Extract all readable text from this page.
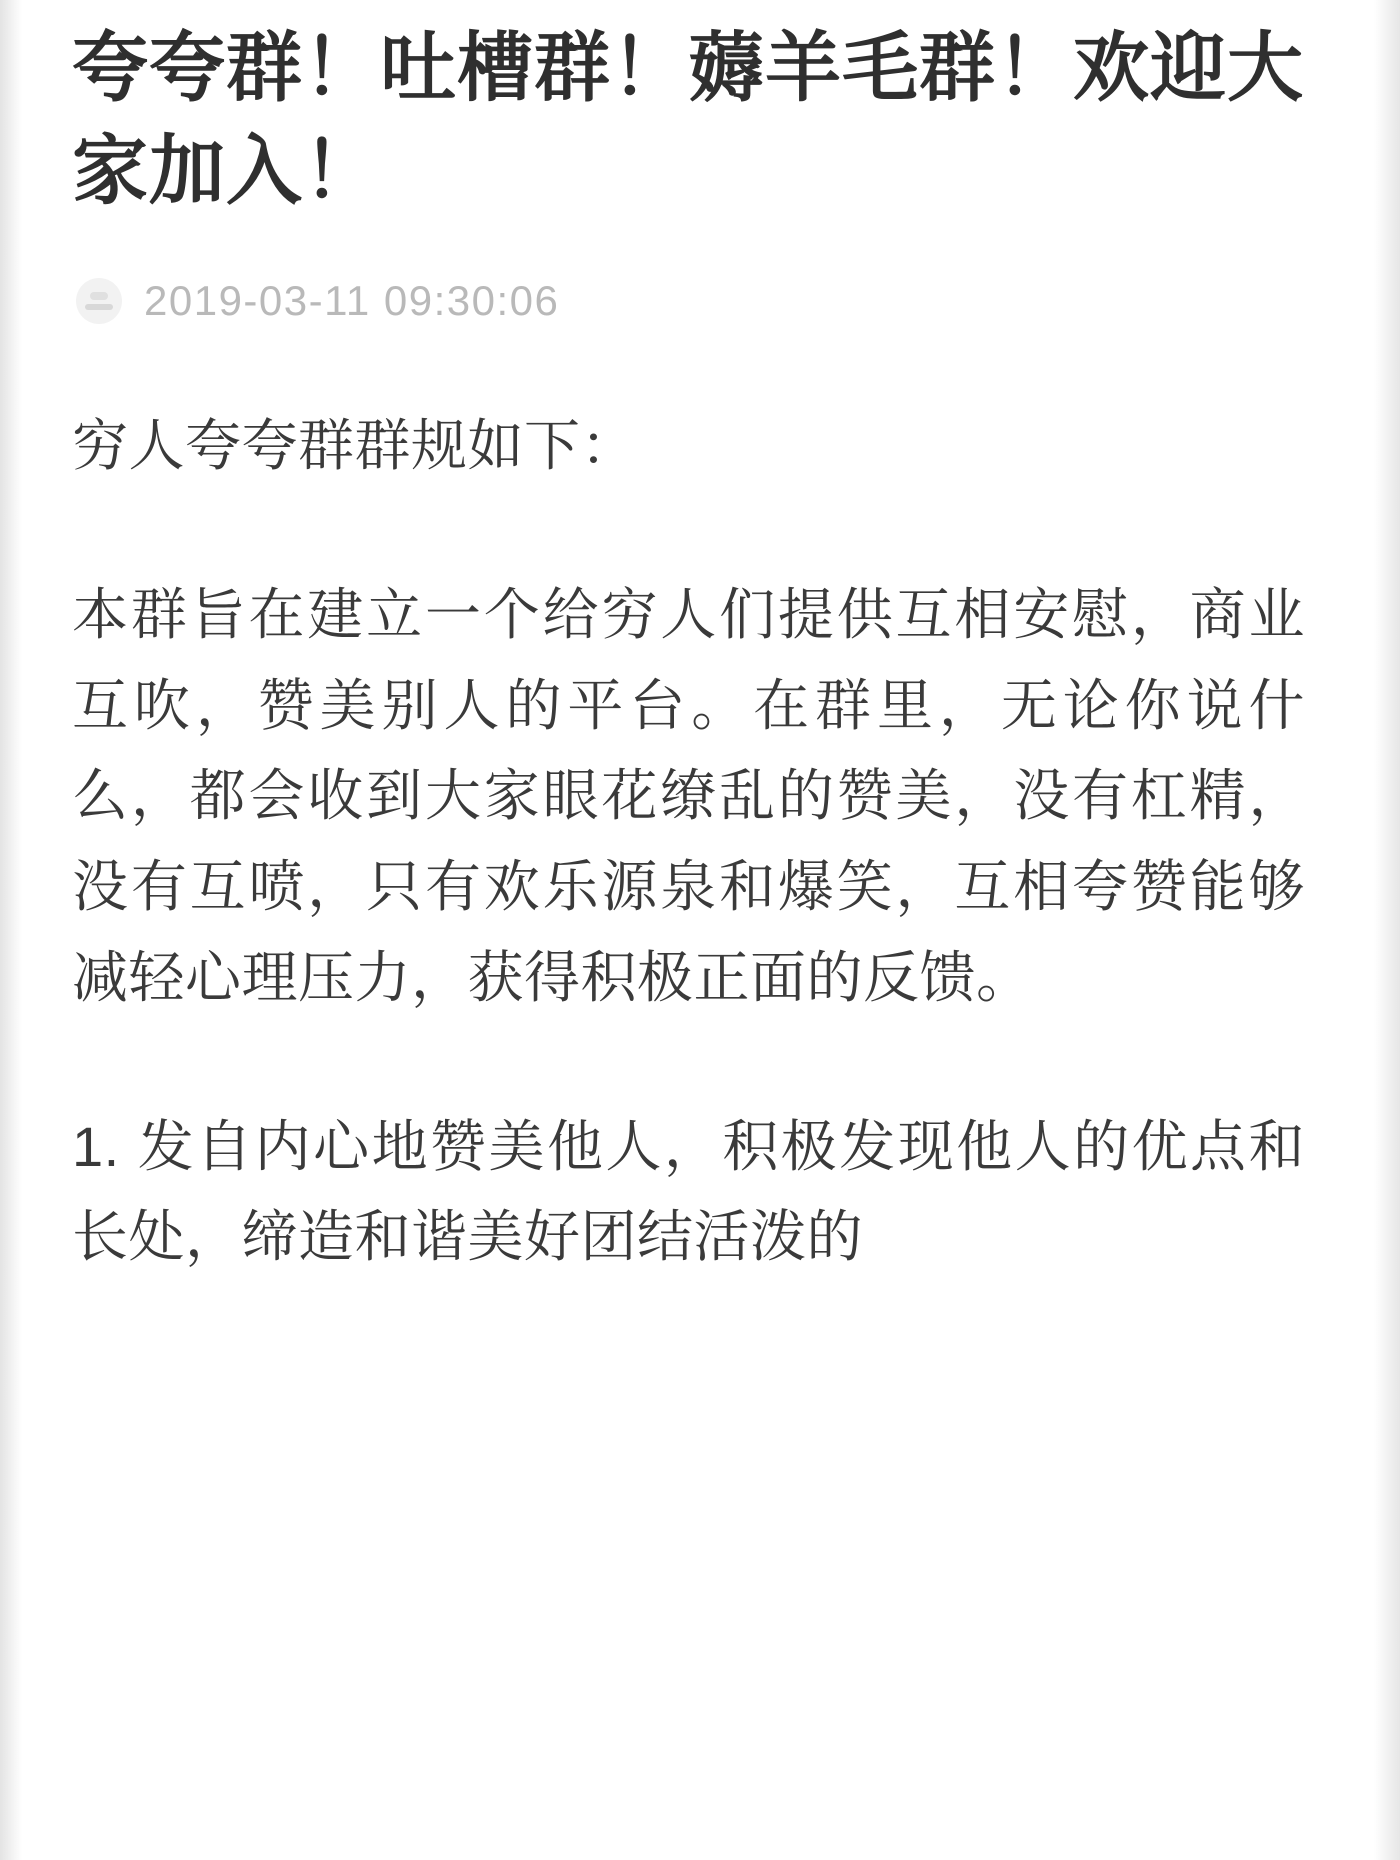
夸夸群！吐槽群！薅羊毛群！欢迎大家加入！
2019-03-11 09:30:06

穷人夸夸群群规如下：

本群旨在建立一个给穷人们提供互相安慰，商业互吹，赞美别人的平台。在群里，无论你说什么，都会收到大家眼花缭乱的赞美，没有杠精，没有互喷，只有欢乐源泉和爆笑，互相夸赞能够减轻心理压力，获得积极正面的反馈。

1. 发自内心地赞美他人，积极发现他人的优点和长处，缔造和谐美好团结活泼的
